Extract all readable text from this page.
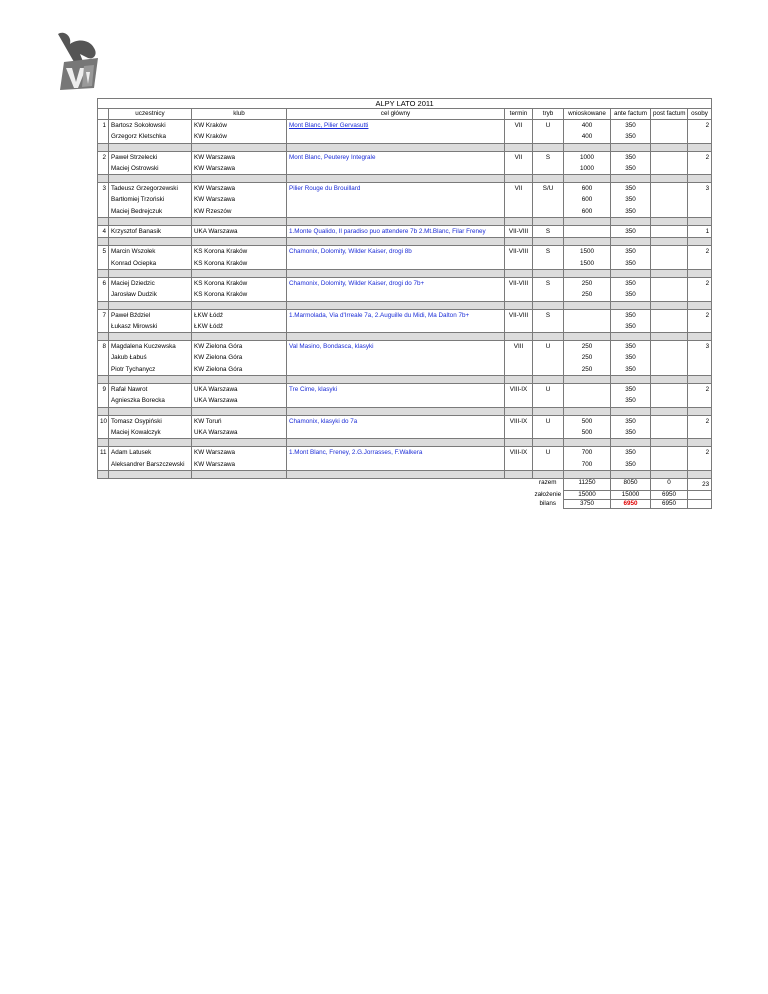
ALPY LATO 2011									
	uczestnicy	klub	cel główny	termin	tryb	wnioskowane	ante factum	post factum	osoby
1	Bartosz Sokołowski	KW Kraków	Mont Blanc, Pilier Gervasutti	VII	U	400	350		2
	Grzegorz Kletschka	KW Kraków				400	350		

2	Paweł Strzelecki	KW Warszawa	Mont Blanc, Peuterey Integrale	VII	S	1000	350		2
	Maciej Ostrowski	KW Warszawa				1000	350		

3	Tadeusz Grzegorzewski	KW Warszawa	Pilier Rouge du Brouillard	VII	S/U	600	350		3
	Bartłomiej Trzoński	KW Warszawa				600	350		
	Maciej Bedrejczuk	KW Rzeszów				600	350		

4	Krzysztof Banasik	UKA Warszawa	1.Monte Qualido, Il paradiso puo attendere 7b 2.Mt.Blanc, Filar Freney	VII-VIII	S		350		1

5	Marcin Wszołek	KS Korona Kraków	Chamonix, Dolomity, Wilder Kaiser, drogi 8b	VII-VIII	S	1500	350		2
	Konrad Ociepka	KS Korona Kraków				1500	350		

6	Maciej Dziedzic	KS Korona Kraków	Chamonix, Dolomity, Wilder Kaiser, drogi do 7b+	VII-VIII	S	250	350		2
	Jarosław Dudzik	KS Korona Kraków				250	350		

7	Paweł Bździel	ŁKW Łódź	1.Marmolada, Via d'Irreale 7a, 2.Auguille du Midi, Ma Dalton 7b+	VII-VIII	S		350		2
	Łukasz Mirowski	ŁKW Łódź					350		

8	Magdalena Kuczewska	KW Zielona Góra	Val Masino, Bondasca, klasyki	VIII	U	250	350		3
	Jakub Łabuś	KW Zielona Góra				250	350		
	Piotr Tychanycz	KW Zielona Góra				250	350		

9	Rafał Nawrot	UKA Warszawa	Tre Cime, klasyki	VIII-IX	U		350		2
	Agnieszka Borecka	UKA Warszawa					350		

10	Tomasz Osypiński	KW Toruń	Chamonix, klasyki do 7a	VIII-IX	U	500	350		2
	Maciej Kowalczyk	UKA Warszawa				500	350		

11	Adam Latusek	KW Warszawa	1.Mont Blanc, Freney, 2.G.Jorrasses, F.Walkera	VIII-IX	U	700	350		2
	Aleksandrer Barszczewski	KW Warszawa				700	350		

					razem	11250	8050	0	23
					założenie	15000	15000	6950	
					bilans	3750	6950	6950	
